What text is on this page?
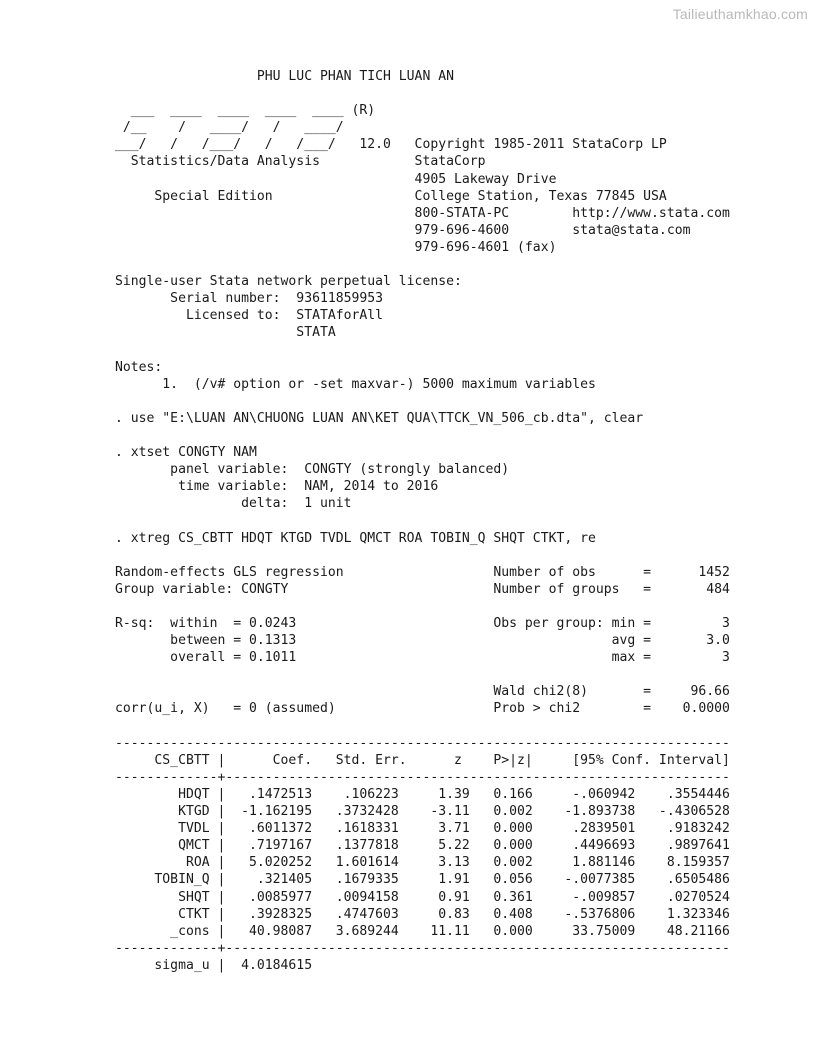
Tailieuthamkhao.com
PHU LUC PHAN TICH LUAN AN

___  ____  ____  ____  ____ (R)
/__    /   ____/   /   ____/
___/   /   /___/   /   /___/   12.0   Copyright 1985-2011 StataCorp LP
Statistics/Data Analysis            StataCorp
4905 Lakeway Drive
Special Edition                  College Station, Texas 77845 USA
800-STATA-PC        http://www.stata.com
979-696-4600        stata@stata.com
979-696-4601 (fax)

Single-user Stata network perpetual license:
Serial number:  93611859953
Licensed to:  STATAforAll
STATA

Notes:
1.  (/v# option or -set maxvar-) 5000 maximum variables

. use "E:\LUAN AN\CHUONG LUAN AN\KET QUA\TTCK_VN_506_cb.dta", clear

. xtset CONGTY NAM
panel variable:  CONGTY (strongly balanced)
time variable:  NAM, 2014 to 2016
delta:  1 unit

. xtreg CS_CBTT HDQT KTGD TVDL QMCT ROA TOBIN_Q SHQT CTKT, re

Random-effects GLS regression                   Number of obs      =      1452
Group variable: CONGTY                          Number of groups   =       484

R-sq:  within  = 0.0243                         Obs per group: min =         3
between = 0.1313                                        avg =       3.0
overall = 0.1011                                        max =         3

Wald chi2(8)       =     96.66
corr(u_i, X)   = 0 (assumed)                    Prob > chi2        =    0.0000

------------------------------------------------------------------------------
CS_CBTT |      Coef.   Std. Err.      z    P>|z|     [95% Conf. Interval]
-------------+----------------------------------------------------------------
HDQT |   .1472513    .106223     1.39   0.166     -.060942    .3554446
KTGD |  -1.162195   .3732428    -3.11   0.002    -1.893738   -.4306528
TVDL |   .6011372   .1618331     3.71   0.000     .2839501    .9183242
QMCT |   .7197167   .1377818     5.22   0.000     .4496693    .9897641
ROA |   5.020252   1.601614     3.13   0.002     1.881146    8.159357
TOBIN_Q |    .321405   .1679335     1.91   0.056    -.0077385    .6505486
SHQT |   .0085977   .0094158     0.91   0.361     -.009857    .0270524
CTKT |   .3928325   .4747603     0.83   0.408    -.5376806    1.323346
_cons |   40.98087   3.689244    11.11   0.000     33.75009    48.21166
-------------+----------------------------------------------------------------
sigma_u |  4.0184615
